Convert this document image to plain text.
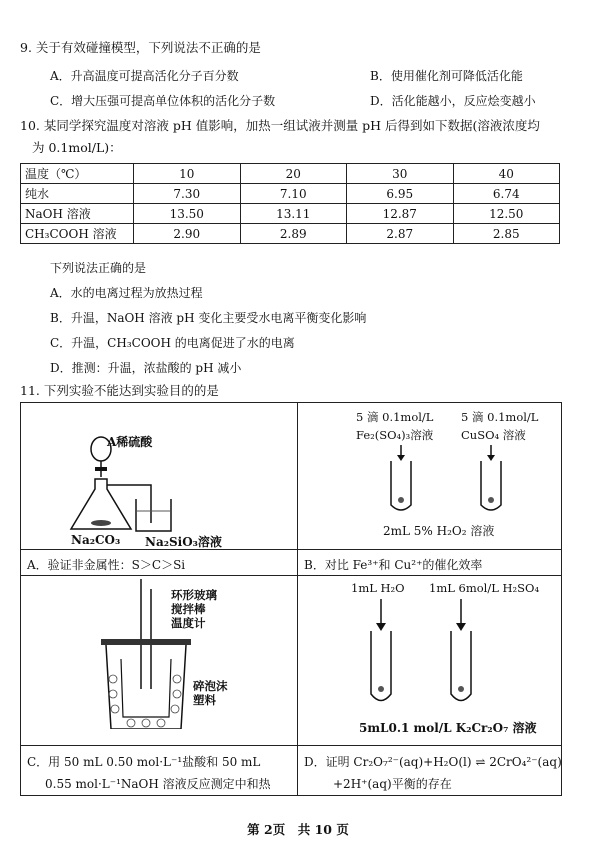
9. 关于有效碰撞模型，下列说法不正确的是
A．升高温度可提高活化分子百分数	B．使用催化剂可降低活化能
C．增大压强可提高单位体积的活化分子数	D．活化能越小，反应烩变越小
10. 某同学探究温度对溶液 pH 值影响，加热一组试液并测量 pH 后得到如下数据(溶液浓度均
为 0.1mol/L)：
温度（℃）	10	20	30	40
纯水	7.30	7.10	6.95	6.74
NaOH 溶液	13.50	13.11	12.87	12.50
CH₃COOH 溶液	2.90	2.89	2.87	2.85
下列说法正确的是
A．水的电离过程为放热过程
B．升温，NaOH 溶液 pH 变化主要受水电离平衡变化影响
C．升温，CH₃COOH 的电离促进了水的电离
D．推测：升温，浓盐酸的 pH 减小
11. 下列实验不能达到实验目的的是
A稀硫酸
Na₂CO₃ Na₂SiO₃溶液
A．验证非金属性：S＞C＞Si
5 滴 0.1mol/L
Fe₂(SO₄)₃溶液
5 滴 0.1mol/L
CuSO₄ 溶液
2mL 5% H₂O₂ 溶液
B．对比 Fe³⁺和 Cu²⁺的催化效率
环形玻璃
搅拌棒
温度计
碎泡沫
塑料
C．用 50 mL 0.50 mol·L⁻¹盐酸和 50 mL
0.55 mol·L⁻¹NaOH 溶液反应测定中和热
1mL H₂O 1mL 6mol/L H₂SO₄
5mL0.1 mol/L K₂Cr₂O₇ 溶液
D．证明 Cr₂O₇²⁻(aq)+H₂O(l) ⇌ 2CrO₄²⁻(aq)
+2H⁺(aq)平衡的存在
第 2页　共 10 页
